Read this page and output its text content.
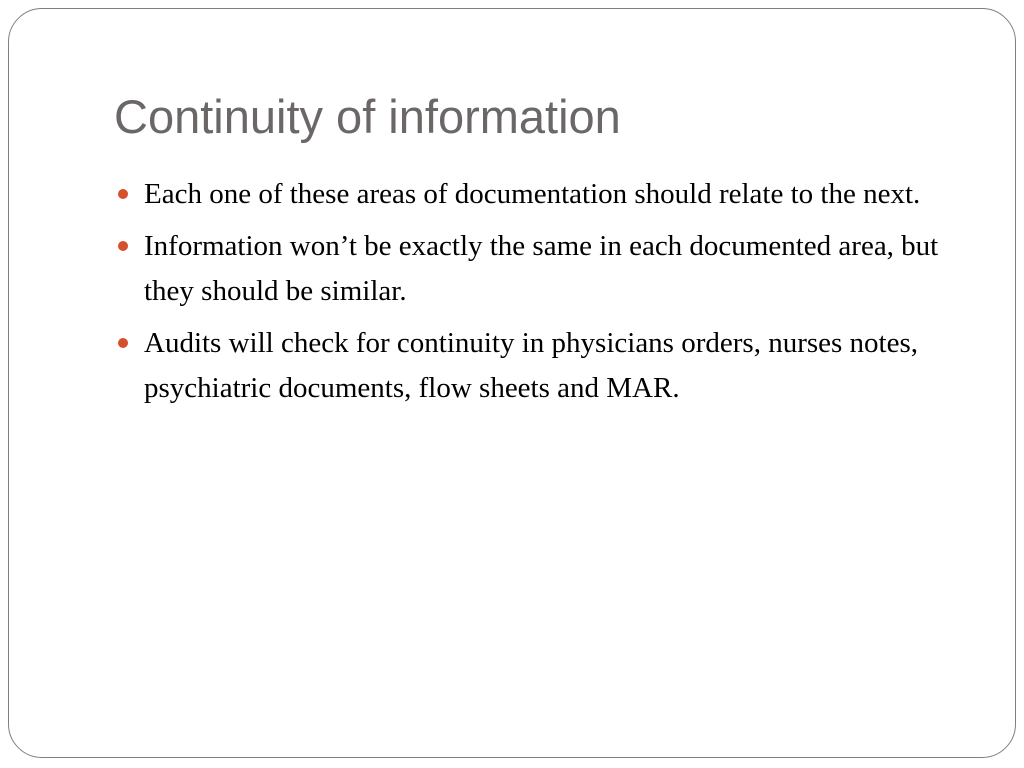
Continuity of information
Each one of these areas of documentation should relate to the next.
Information won’t be exactly the same in each documented area, but they should be similar.
Audits will check for continuity in physicians orders, nurses notes, psychiatric documents, flow sheets and MAR.
